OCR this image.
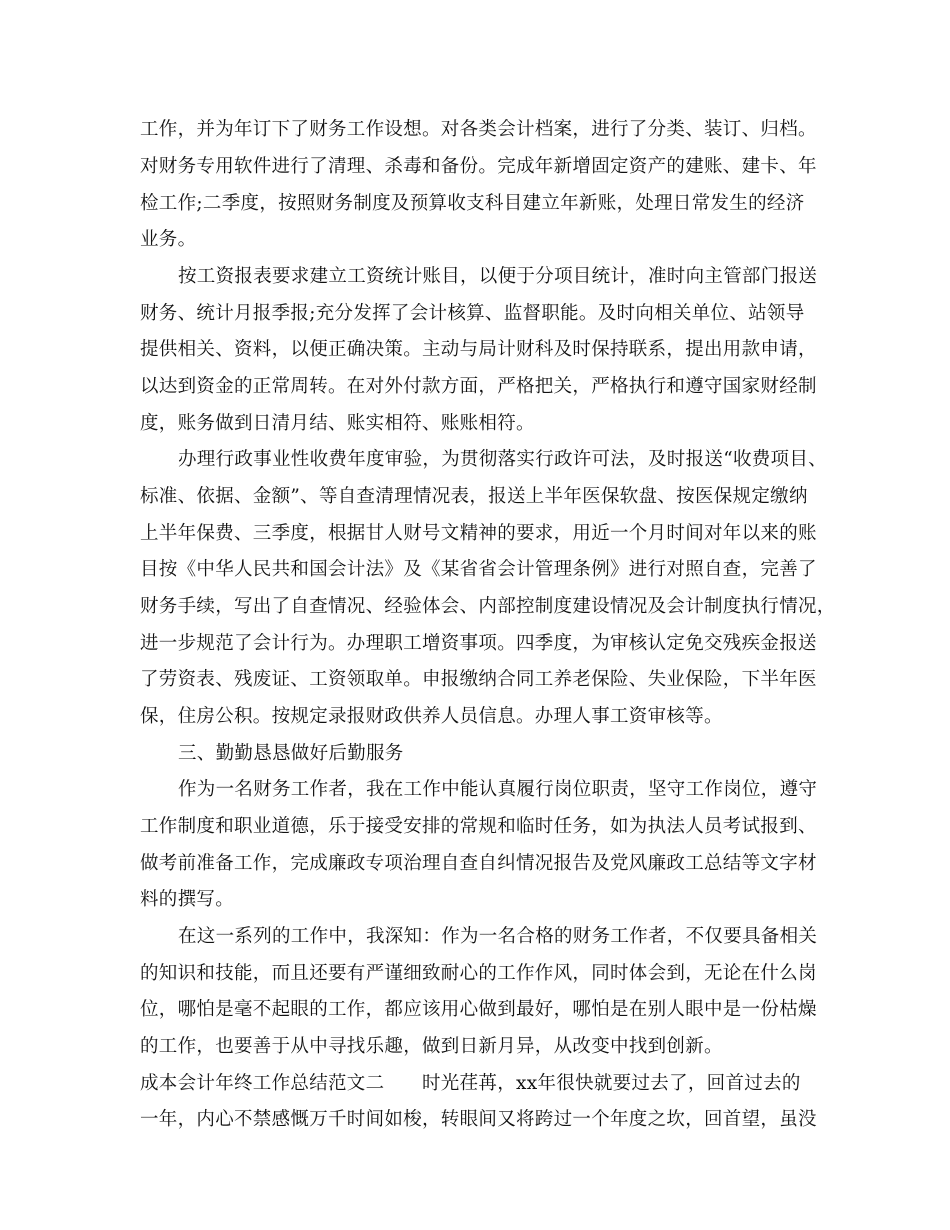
工作，并为年订下了财务工作设想。对各类会计档案，进行了分类、装订、归档。
对财务专用软件进行了清理、杀毒和备份。完成年新增固定资产的建账、建卡、年
检工作;二季度，按照财务制度及预算收支科目建立年新账，处理日常发生的经济
业务。
按工资报表要求建立工资统计账目，以便于分项目统计，准时向主管部门报送
财务、统计月报季报;充分发挥了会计核算、监督职能。及时向相关单位、站领导
提供相关、资料，以便正确决策。主动与局计财科及时保持联系，提出用款申请，
以达到资金的正常周转。在对外付款方面，严格把关，严格执行和遵守国家财经制
度，账务做到日清月结、账实相符、账账相符。
办理行政事业性收费年度审验，为贯彻落实行政许可法，及时报送“收费项目、
标准、依据、金额”、等自查清理情况表，报送上半年医保软盘、按医保规定缴纳
上半年保费、三季度，根据甘人财号文精神的要求，用近一个月时间对年以来的账
目按《中华人民共和国会计法》及《某省省会计管理条例》进行对照自查，完善了
财务手续，写出了自查情况、经验体会、内部控制度建设情况及会计制度执行情况，
进一步规范了会计行为。办理职工增资事项。四季度，为审核认定免交残疾金报送
了劳资表、残废证、工资领取单。申报缴纳合同工养老保险、失业保险，下半年医
保，住房公积。按规定录报财政供养人员信息。办理人事工资审核等。
三、勤勤恳恳做好后勤服务
作为一名财务工作者，我在工作中能认真履行岗位职责，坚守工作岗位，遵守
工作制度和职业道德，乐于接受安排的常规和临时任务，如为执法人员考试报到、
做考前准备工作，完成廉政专项治理自查自纠情况报告及党风廉政工总结等文字材
料的撰写。
在这一系列的工作中，我深知：作为一名合格的财务工作者，不仅要具备相关
的知识和技能，而且还要有严谨细致耐心的工作作风，同时体会到，无论在什么岗
位，哪怕是毫不起眼的工作，都应该用心做到最好，哪怕是在别人眼中是一份枯燥
的工作，也要善于从中寻找乐趣，做到日新月异，从改变中找到创新。
成本会计年终工作总结范文二　　时光荏苒，xx年很快就要过去了，回首过去的
一年，内心不禁感慨万千时间如梭，转眼间又将跨过一个年度之坎，回首望，虽没
